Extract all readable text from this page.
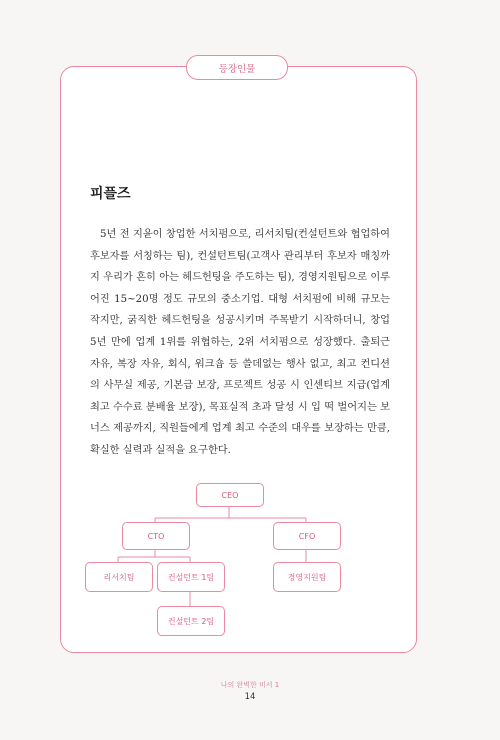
등장인물
피플즈
5년 전 지윤이 창업한 서치펌으로, 리서치팀(컨설턴트와 협업하여 후보자를 서칭하는 팀), 컨설턴트팀(고객사 관리부터 후보자 매칭까지 우리가 흔히 아는 헤드헌팅을 주도하는 팀), 경영지원팀으로 이루어진 15~20명 정도 규모의 중소기업. 대형 서치펌에 비해 규모는 작지만, 굵직한 헤드헌팅을 성공시키며 주목받기 시작하더니, 창업 5년 만에 업계 1위를 위협하는, 2위 서치펌으로 성장했다. 출퇴근 자유, 복장 자유, 회식, 워크숍 등 쓸데없는 행사 없고, 최고 컨디션의 사무실 제공, 기본급 보장, 프로젝트 성공 시 인센티브 지급(업계 최고 수수료 분배율 보장), 목표실적 초과 달성 시 입 떡 벌어지는 보너스 제공까지, 직원들에게 업계 최고 수준의 대우를 보장하는 만큼, 확실한 실력과 실적을 요구한다.
CEO
CTO	CFO
리서치팀	컨설턴트 1팀	경영지원팀
컨설턴트 2팀
나의 완벽한 비서 1
14
